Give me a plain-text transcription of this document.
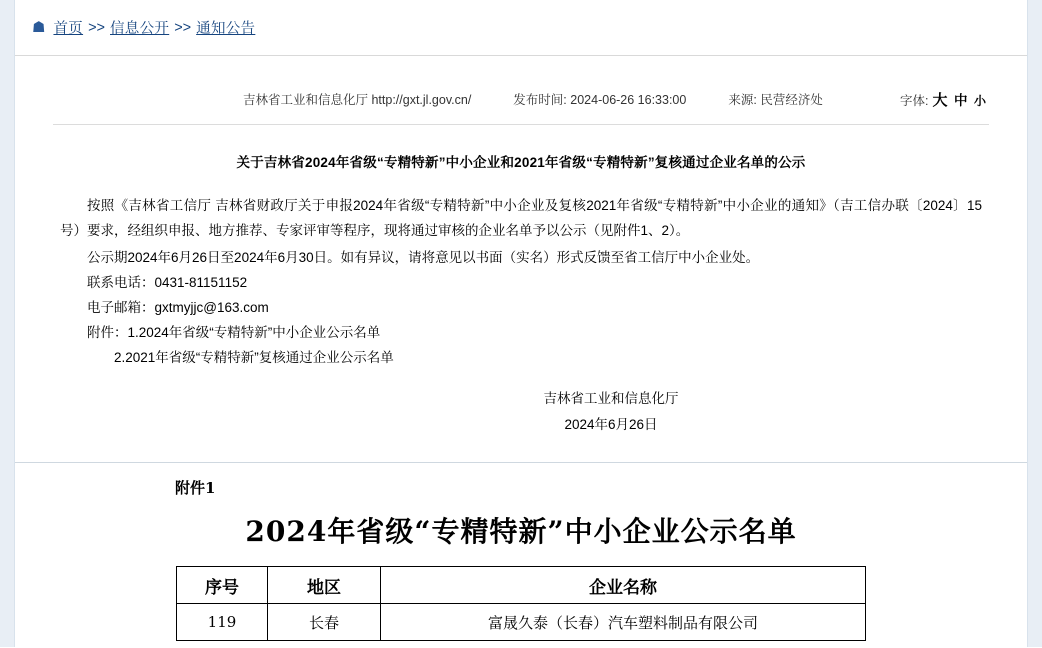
☗ 首页 >> 信息公开 >> 通知公告
吉林省工业和信息化厅 http://gxt.jl.gov.cn/	发布时间: 2024-06-26 16:33:00	来源: 民营经济处	字体: 大 中 小
关于吉林省2024年省级“专精特新”中小企业和2021年省级“专精特新”复核通过企业名单的公示

按照《吉林省工信厅 吉林省财政厅关于申报2024年省级“专精特新”中小企业及复核2021年省级“专精特新”中小企业的通知》（吉工信办联〔2024〕15号）要求，经组织申报、地方推荐、专家评审等程序，现将通过审核的企业名单予以公示（见附件1、2）。

公示期2024年6月26日至2024年6月30日。如有异议，请将意见以书面（实名）形式反馈至省工信厅中小企业处。

联系电话：0431-81151152

电子邮箱：gxtmyjjc@163.com

附件：1.2024年省级“专精特新”中小企业公示名单

2.2021年省级“专精特新”复核通过企业公示名单

吉林省工业和信息化厅
2024年6月26日
附件1
2024年省级“专精特新”中小企业公示名单
序号	地区	企业名称
119	长春	富晟久泰（长春）汽车塑料制品有限公司
